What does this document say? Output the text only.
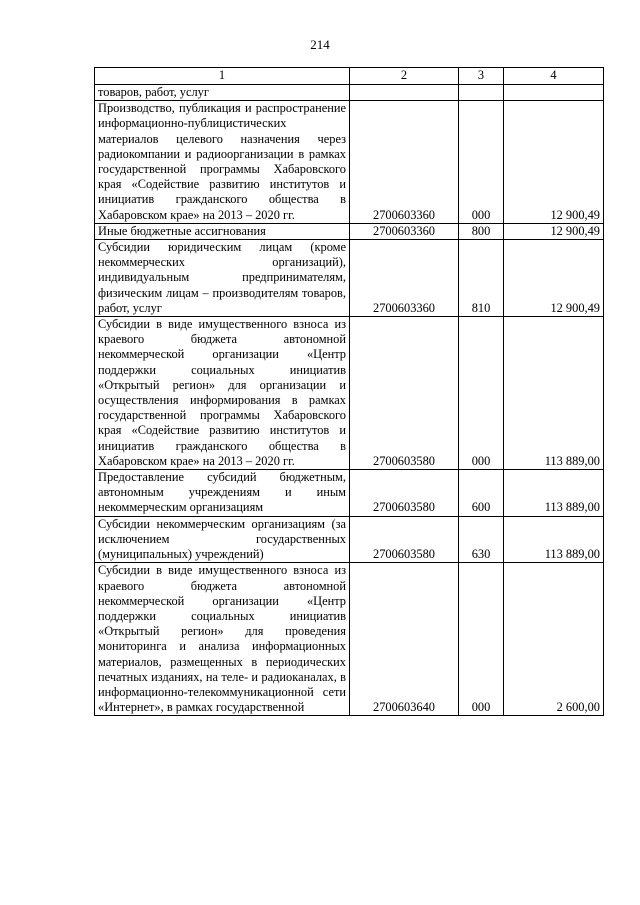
214
1	2	3	4
товаров, работ, услуг			
Производство, публикация и распространение информационно-публицистических материалов целевого назначения через радиокомпании и радиоорганизации в рамках государственной программы Хабаровского края «Содействие развитию институтов и инициатив гражданского общества в Хабаровском крае» на 2013 – 2020 гг.	2700603360	000	12 900,49
Иные бюджетные ассигнования	2700603360	800	12 900,49
Субсидии юридическим лицам (кроме некоммерческих организаций), индивидуальным предпринимателям, физическим лицам – производителям товаров, работ, услуг	2700603360	810	12 900,49
Субсидии в виде имущественного взноса из краевого бюджета автономной некоммерческой организации «Центр поддержки социальных инициатив «Открытый регион» для организации и осуществления информирования в рамках государственной программы Хабаровского края «Содействие развитию институтов и инициатив гражданского общества в Хабаровском крае» на 2013 – 2020 гг.	2700603580	000	113 889,00
Предоставление субсидий бюджетным, автономным учреждениям и иным некоммерческим организациям	2700603580	600	113 889,00
Субсидии некоммерческим организациям (за исключением государственных (муниципальных) учреждений)	2700603580	630	113 889,00
Субсидии в виде имущественного взноса из краевого бюджета автономной некоммерческой организации «Центр поддержки социальных инициатив «Открытый регион» для проведения мониторинга и анализа информационных материалов, размещенных в периодических печатных изданиях, на теле- и радиоканалах, в информационно-телекоммуникационной сети «Интернет», в рамках государственной	2700603640	000	2 600,00
